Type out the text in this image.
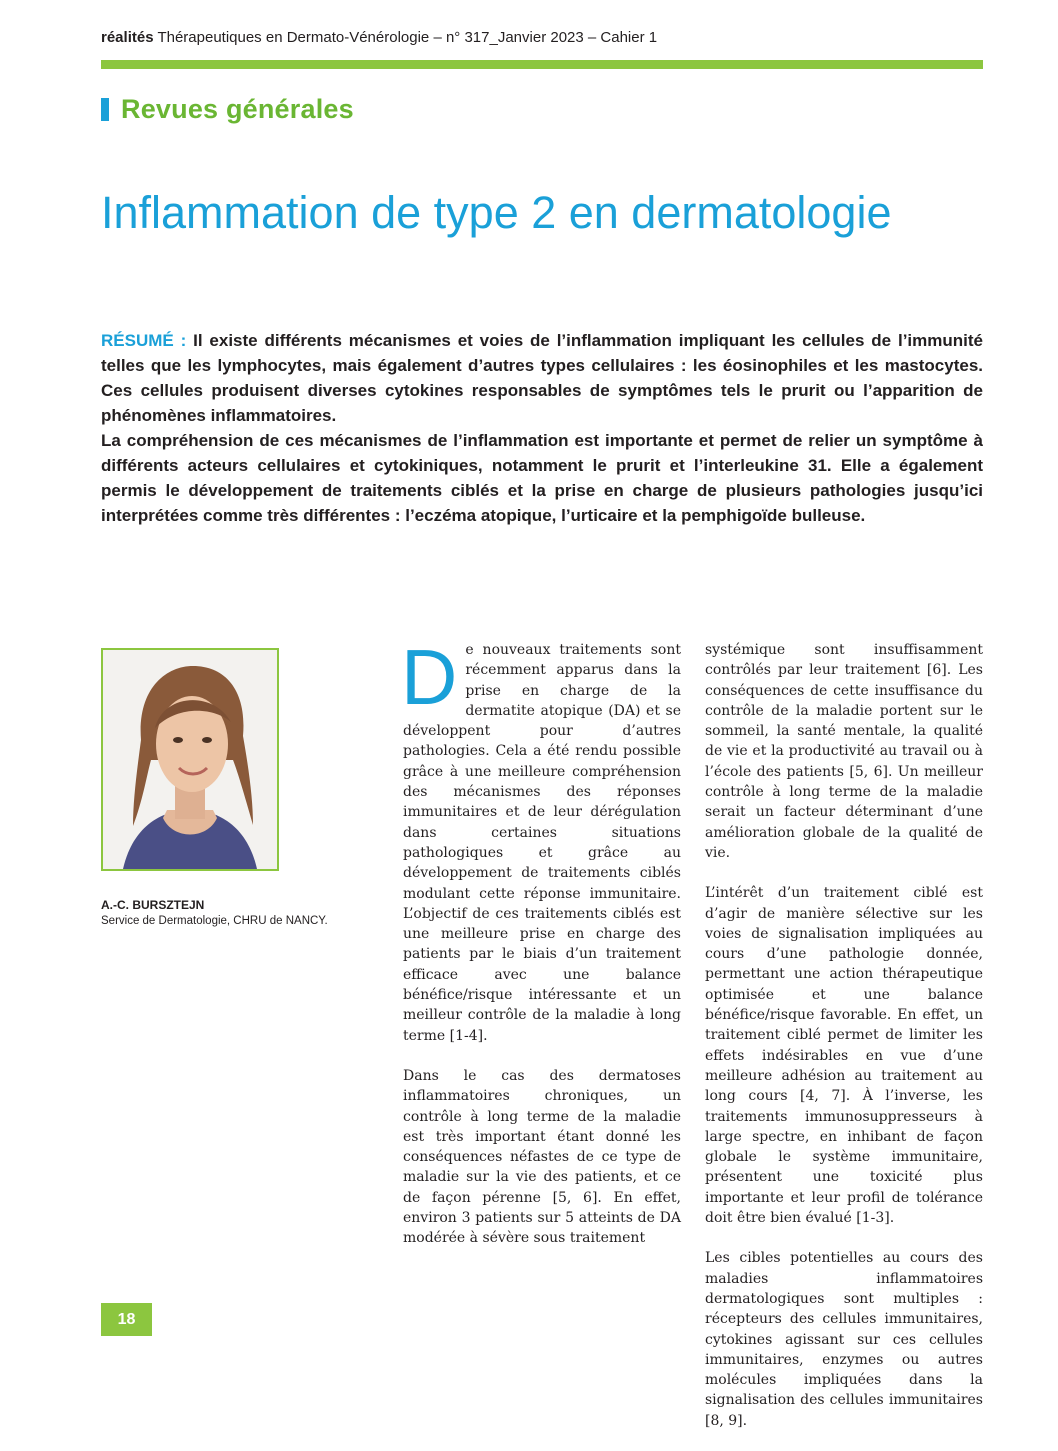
réalités Thérapeutiques en Dermato-Vénérologie – n° 317_Janvier 2023 – Cahier 1
Revues générales
Inflammation de type 2 en dermatologie

RÉSUMÉ : Il existe différents mécanismes et voies de l’inflammation impliquant les cellules de l’immunité telles que les lymphocytes, mais également d’autres types cellulaires : les éosinophiles et les mastocytes. Ces cellules produisent diverses cytokines responsables de symptômes tels le prurit ou l’apparition de phénomènes inflammatoires.

La compréhension de ces mécanismes de l’inflammation est importante et permet de relier un symptôme à différents acteurs cellulaires et cytokiniques, notamment le prurit et l’interleukine 31. Elle a également permis le développement de traitements ciblés et la prise en charge de plusieurs pathologies jusqu’ici interprétées comme très différentes : l’eczéma atopique, l’urticaire et la pemphigoïde bulleuse.

A.-C. BURSZTEJN
Service de Dermatologie, CHRU de NANCY.

De nouveaux traitements sont récemment apparus dans la prise en charge de la dermatite atopique (DA) et se développent pour d’autres pathologies. Cela a été rendu possible grâce à une meilleure compréhension des mécanismes des réponses immunitaires et de leur dérégulation dans certaines situations pathologiques et grâce au développement de traitements ciblés modulant cette réponse immunitaire. L’objectif de ces traitements ciblés est une meilleure prise en charge des patients par le biais d’un traitement efficace avec une balance bénéfice/risque intéressante et un meilleur contrôle de la maladie à long terme [1-4].

Dans le cas des dermatoses inflammatoires chroniques, un contrôle à long terme de la maladie est très important étant donné les conséquences néfastes de ce type de maladie sur la vie des patients, et ce de façon pérenne [5, 6]. En effet, environ 3 patients sur 5 atteints de DA modérée à sévère sous traitement

systémique sont insuffisamment contrôlés par leur traitement [6]. Les conséquences de cette insuffisance du contrôle de la maladie portent sur le sommeil, la santé mentale, la qualité de vie et la productivité au travail ou à l’école des patients [5, 6]. Un meilleur contrôle à long terme de la maladie serait un facteur déterminant d’une amélioration globale de la qualité de vie.

L’intérêt d’un traitement ciblé est d’agir de manière sélective sur les voies de signalisation impliquées au cours d’une pathologie donnée, permettant une action thérapeutique optimisée et une balance bénéfice/risque favorable. En effet, un traitement ciblé permet de limiter les effets indésirables en vue d’une meilleure adhésion au traitement au long cours [4, 7]. À l’inverse, les traitements immunosuppresseurs à large spectre, en inhibant de façon globale le système immunitaire, présentent une toxicité plus importante et leur profil de tolérance doit être bien évalué [1-3].

Les cibles potentielles au cours des maladies inflammatoires dermatologiques sont multiples : récepteurs des cellules immunitaires, cytokines agissant sur ces cellules immunitaires, enzymes ou autres molécules impliquées dans la signalisation des cellules immunitaires [8, 9].

18
